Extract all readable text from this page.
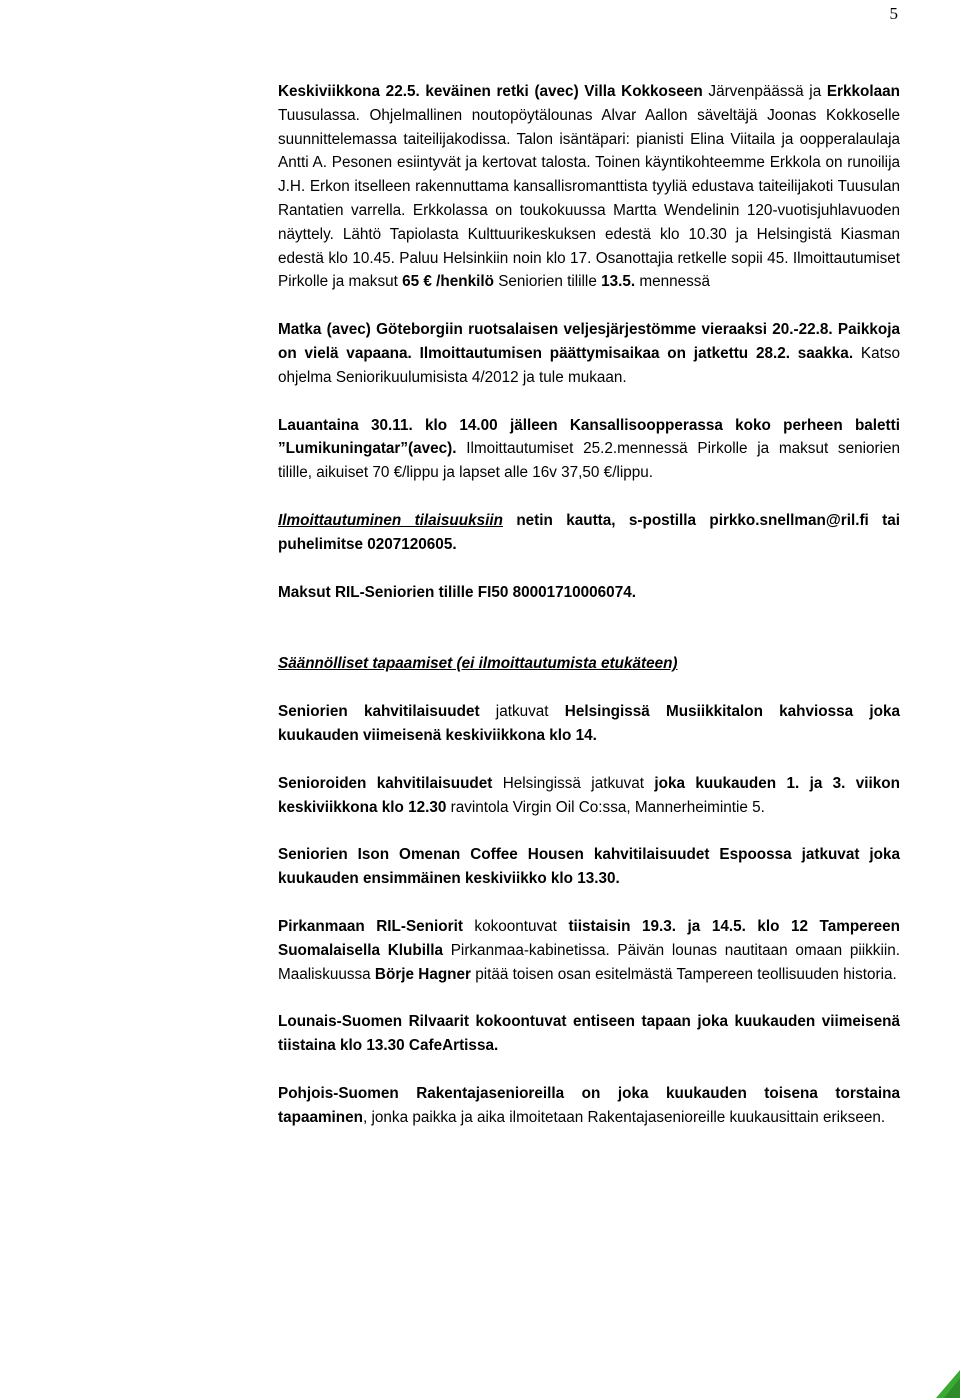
5

Keskiviikkona 22.5. keväinen retki (avec) Villa Kokkoseen Järvenpäässä ja Erkkolaan Tuusulassa. Ohjelmallinen noutopöytälounas Alvar Aallon säveltäjä Joonas Kokkoselle suunnittelemassa taiteilijakodissa. Talon isäntäpari: pianisti Elina Viitaila ja oopperalaulaja Antti A. Pesonen esiintyvät ja kertovat talosta. Toinen käyntikohteemme Erkkola on runoilija J.H. Erkon itselleen rakennuttama kansallisromanttista tyyliä edustava taiteilijakoti Tuusulan Rantatien varrella. Erkkolassa on toukokuussa Martta Wendelinin 120-vuotisjuhlavuoden näyttely. Lähtö Tapiolasta Kulttuurikeskuksen edestä klo 10.30 ja Helsingistä Kiasman edestä klo 10.45. Paluu Helsinkiin noin klo 17. Osanottajia retkelle sopii 45. Ilmoittautumiset Pirkolle ja maksut 65 € /henkilö Seniorien tilille 13.5. mennessä

Matka (avec) Göteborgiin ruotsalaisen veljesjärjestömme vieraaksi 20.-22.8. Paikkoja on vielä vapaana. Ilmoittautumisen päättymisaikaa on jatkettu 28.2. saakka. Katso ohjelma Seniorikuulumisista 4/2012 ja tule mukaan.

Lauantaina 30.11. klo 14.00 jälleen Kansallisoopperassa koko perheen baletti ”Lumikuningatar”(avec). Ilmoittautumiset 25.2.mennessä Pirkolle ja maksut seniorien tilille, aikuiset 70 €/lippu ja lapset alle 16v 37,50 €/lippu.

Ilmoittautuminen tilaisuuksiin netin kautta, s-postilla pirkko.snellman@ril.fi tai puhelimitse 0207120605.

Maksut RIL-Seniorien tilille FI50 80001710006074.

Säännölliset tapaamiset (ei ilmoittautumista etukäteen)

Seniorien kahvitilaisuudet jatkuvat Helsingissä Musiikkitalon kahviossa joka kuukauden viimeisenä keskiviikkona klo 14.

Senioroiden kahvitilaisuudet Helsingissä jatkuvat joka kuukauden 1. ja 3. viikon keskiviikkona klo 12.30 ravintola Virgin Oil Co:ssa, Mannerheimintie 5.

Seniorien Ison Omenan Coffee Housen kahvitilaisuudet Espoossa jatkuvat joka kuukauden ensimmäinen keskiviikko klo 13.30.

Pirkanmaan RIL-Seniorit kokoontuvat tiistaisin 19.3. ja 14.5. klo 12 Tampereen Suomalaisella Klubilla Pirkanmaa-kabinetissa. Päivän lounas nautitaan omaan piikkiin. Maaliskuussa Börje Hagner pitää toisen osan esitelmästä Tampereen teollisuuden historia.

Lounais-Suomen Rilvaarit kokoontuvat entiseen tapaan joka kuukauden viimeisenä tiistaina klo 13.30 CafeArtissa.

Pohjois-Suomen Rakentajasenioreilla on joka kuukauden toisena torstaina tapaaminen, jonka paikka ja aika ilmoitetaan Rakentajasenioreille kuukausittain erikseen.
